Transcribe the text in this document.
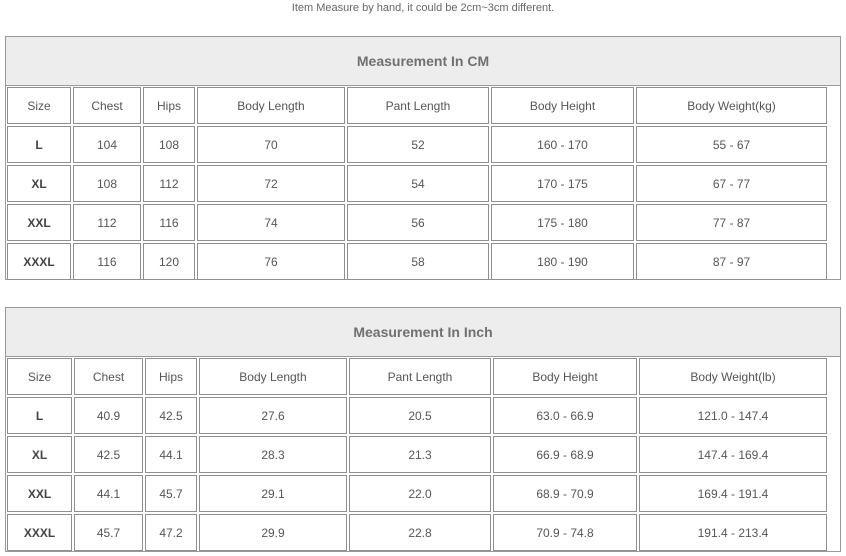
Item Measure by hand, it could be 2cm~3cm different.
Measurement In CM
Size	Chest	Hips	Body Length	Pant Length	Body Height	Body Weight(kg)
L	104	108	70	52	160 - 170	55 - 67
XL	108	112	72	54	170 - 175	67 - 77
XXL	112	116	74	56	175 - 180	77 - 87
XXXL	116	120	76	58	180 - 190	87 - 97
Measurement In Inch
Size	Chest	Hips	Body Length	Pant Length	Body Height	Body Weight(lb)
L	40.9	42.5	27.6	20.5	63.0 - 66.9	121.0 - 147.4
XL	42.5	44.1	28.3	21.3	66.9 - 68.9	147.4 - 169.4
XXL	44.1	45.7	29.1	22.0	68.9 - 70.9	169.4 - 191.4
XXXL	45.7	47.2	29.9	22.8	70.9 - 74.8	191.4 - 213.4
